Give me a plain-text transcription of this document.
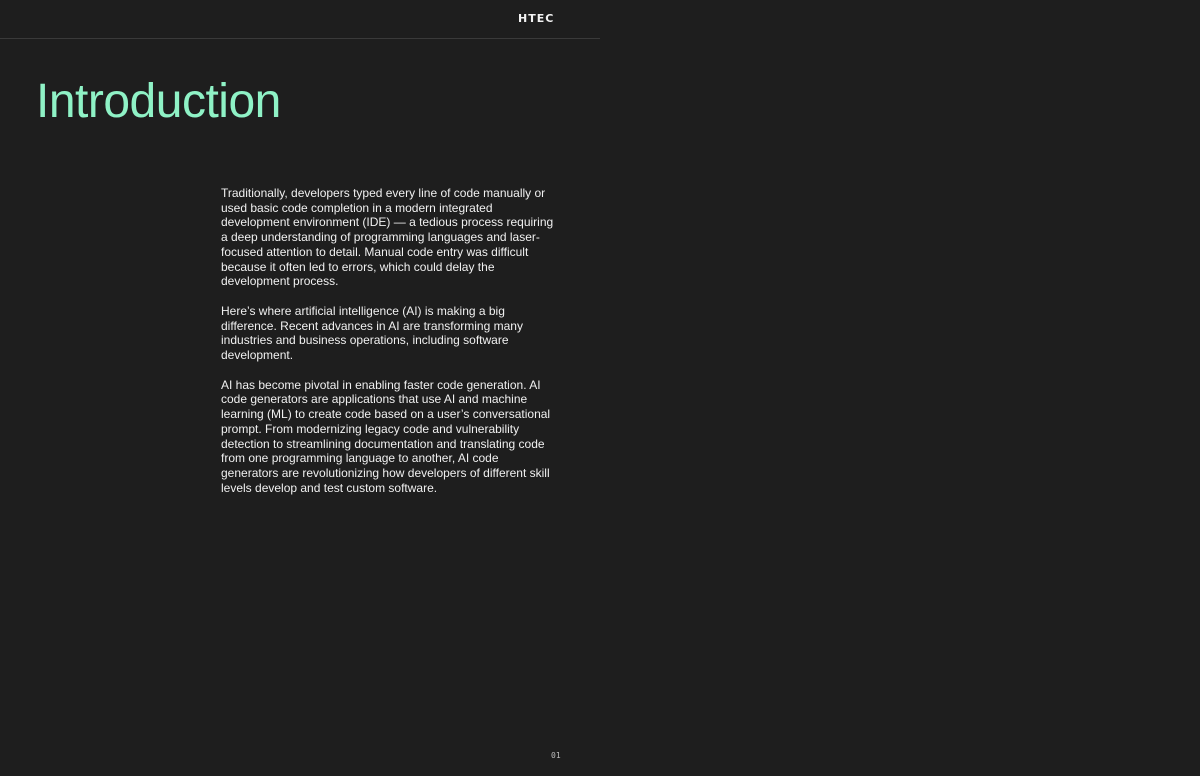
HTEC
Introduction

Traditionally, developers typed every line of code manually or used basic code completion in a modern integrated development environment (IDE) — a tedious process requiring a deep understanding of programming languages and laser-focused attention to detail. Manual code entry was difficult because it often led to errors, which could delay the development process.

Here’s where artificial intelligence (AI) is making a big difference. Recent advances in AI are transforming many industries and business operations, including software development.

AI has become pivotal in enabling faster code generation. AI code generators are applications that use AI and machine learning (ML) to create code based on a user’s conversational prompt. From modernizing legacy code and vulnerability detection to streamlining documentation and translating code from one programming language to another, AI code generators are revolutionizing how developers of different skill levels develop and test custom software.

01
